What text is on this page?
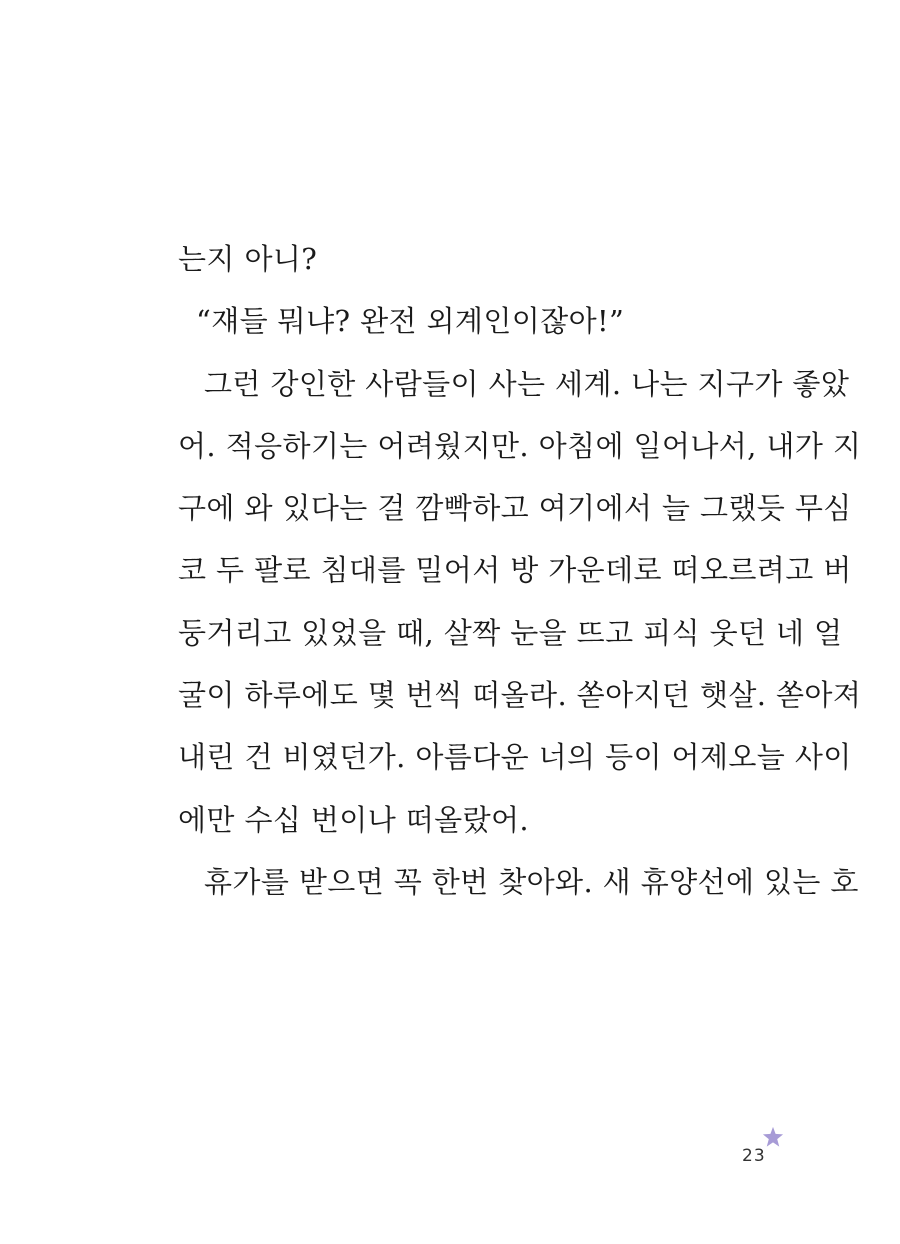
는지 아니?
“쟤들 뭐냐? 완전 외계인이잖아!”
그런 강인한 사람들이 사는 세계. 나는 지구가 좋았
어. 적응하기는 어려웠지만. 아침에 일어나서, 내가 지
구에 와 있다는 걸 깜빡하고 여기에서 늘 그랬듯 무심
코 두 팔로 침대를 밀어서 방 가운데로 떠오르려고 버
둥거리고 있었을 때, 살짝 눈을 뜨고 피식 웃던 네 얼
굴이 하루에도 몇 번씩 떠올라. 쏟아지던 햇살. 쏟아져
내린 건 비였던가. 아름다운 너의 등이 어제오늘 사이
에만 수십 번이나 떠올랐어.
휴가를 받으면 꼭 한번 찾아와. 새 휴양선에 있는 호
23
